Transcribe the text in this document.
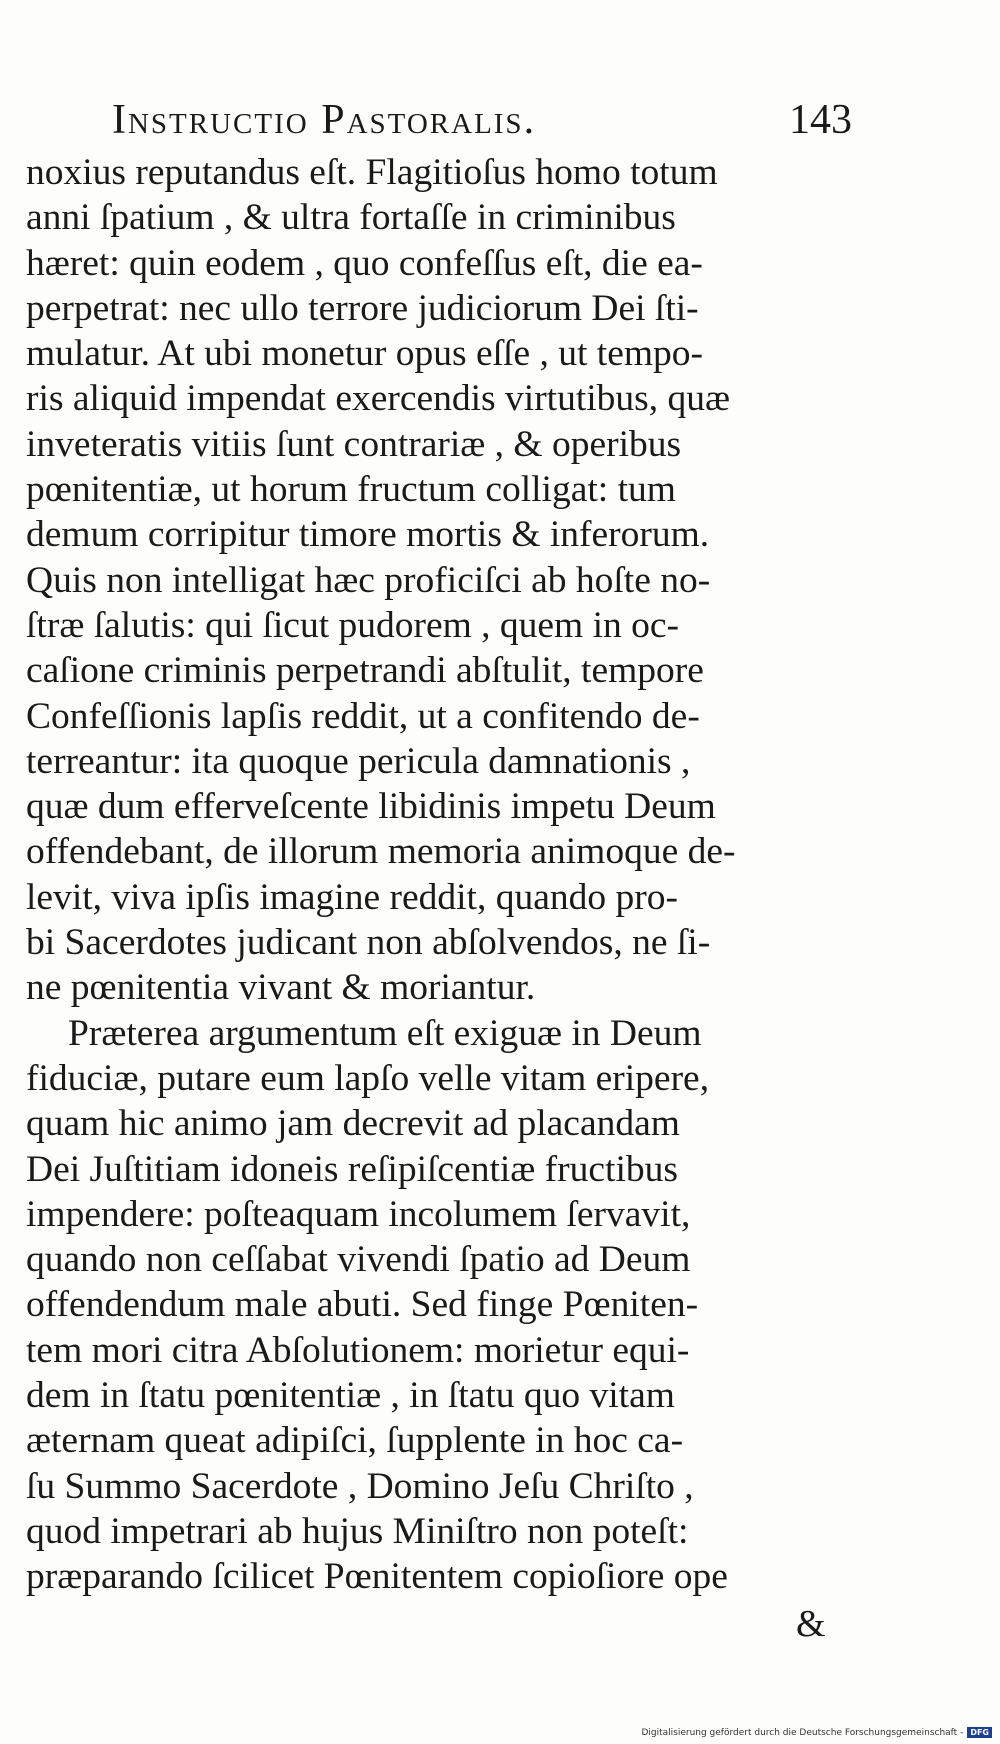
Instructio Pastoralis.	143
noxius reputandus eſt. Flagitioſus homo totum
anni ſpatium , & ultra fortaſſe in criminibus
hæret: quin eodem , quo confeſſus eſt, die ea-
perpetrat: nec ullo terrore judiciorum Dei ſti-
mulatur. At ubi monetur opus eſſe , ut tempo-
ris aliquid impendat exercendis virtutibus, quæ
inveteratis vitiis ſunt contrariæ , & operibus
pœnitentiæ, ut horum fructum colligat: tum
demum corripitur timore mortis & inferorum.
Quis non intelligat hæc proficiſci ab hoſte no-
ſtræ ſalutis: qui ſicut pudorem , quem in oc-
caſione criminis perpetrandi abſtulit, tempore
Confeſſionis lapſis reddit, ut a confitendo de-
terreantur: ita quoque pericula damnationis ,
quæ dum efferveſcente libidinis impetu Deum
offendebant, de illorum memoria animoque de-
levit, viva ipſis imagine reddit, quando pro-
bi Sacerdotes judicant non abſolvendos, ne ſi-
ne pœnitentia vivant & moriantur.
Præterea argumentum eſt exiguæ in Deum
fiduciæ, putare eum lapſo velle vitam eripere,
quam hic animo jam decrevit ad placandam
Dei Juſtitiam idoneis reſipiſcentiæ fructibus
impendere: poſteaquam incolumem ſervavit,
quando non ceſſabat vivendi ſpatio ad Deum
offendendum male abuti. Sed finge Pœniten-
tem mori citra Abſolutionem: morietur equi-
dem in ſtatu pœnitentiæ , in ſtatu quo vitam
æternam queat adipiſci, ſupplente in hoc ca-
ſu Summo Sacerdote , Domino Jeſu Chriſto ,
quod impetrari ab hujus Miniſtro non poteſt:
præparando ſcilicet Pœnitentem copioſiore ope
&
Digitalisierung gefördert durch die Deutsche Forschungsgemeinschaft - DFG
